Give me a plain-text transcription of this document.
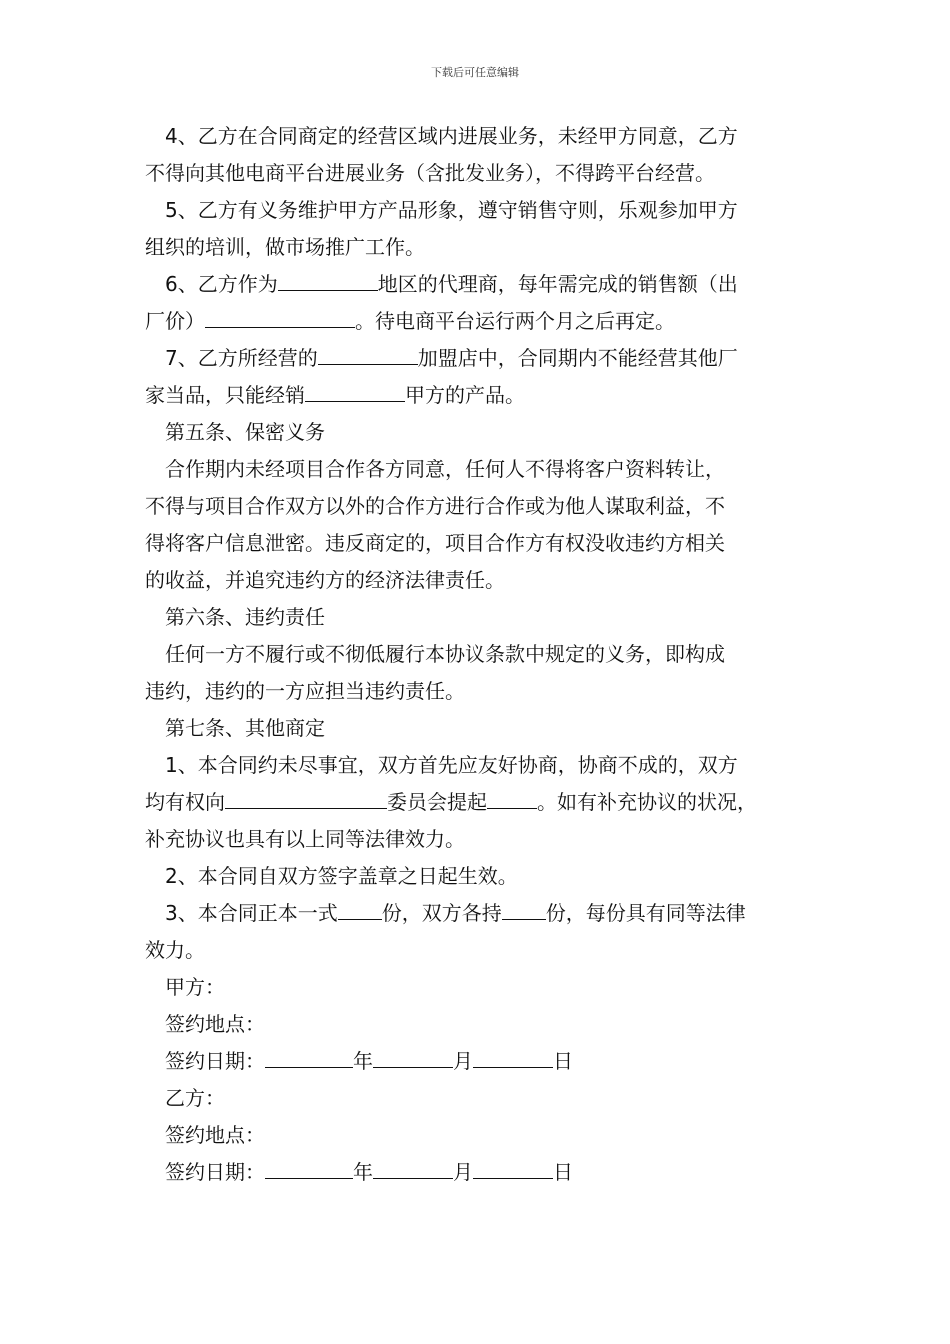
下载后可任意编辑
4、乙方在合同商定的经营区域内进展业务，未经甲方同意，乙方
不得向其他电商平台进展业务（含批发业务），不得跨平台经营。
5、乙方有义务维护甲方产品形象，遵守销售守则，乐观参加甲方
组织的培训，做市场推广工作。
6、乙方作为	地区的代理商，每年需完成的销售额（出
厂价）	。待电商平台运行两个月之后再定。
7、乙方所经营的	加盟店中，合同期内不能经营其他厂
家当品，只能经销	甲方的产品。
第五条、保密义务
合作期内未经项目合作各方同意，任何人不得将客户资料转让，
不得与项目合作双方以外的合作方进行合作或为他人谋取利益，不
得将客户信息泄密。违反商定的，项目合作方有权没收违约方相关
的收益，并追究违约方的经济法律责任。
第六条、违约责任
任何一方不履行或不彻低履行本协议条款中规定的义务，即构成
违约，违约的一方应担当违约责任。
第七条、其他商定
1、本合同约未尽事宜，双方首先应友好协商，协商不成的，双方
均有权向	委员会提起	。如有补充协议的状况，
补充协议也具有以上同等法律效力。
2、本合同自双方签字盖章之日起生效。
3、本合同正本一式 份，双方各持 份，每份具有同等法律
效力。
甲方：
签约地点：
签约日期：	年	月	日
乙方：
签约地点：
签约日期：	年	月	日
